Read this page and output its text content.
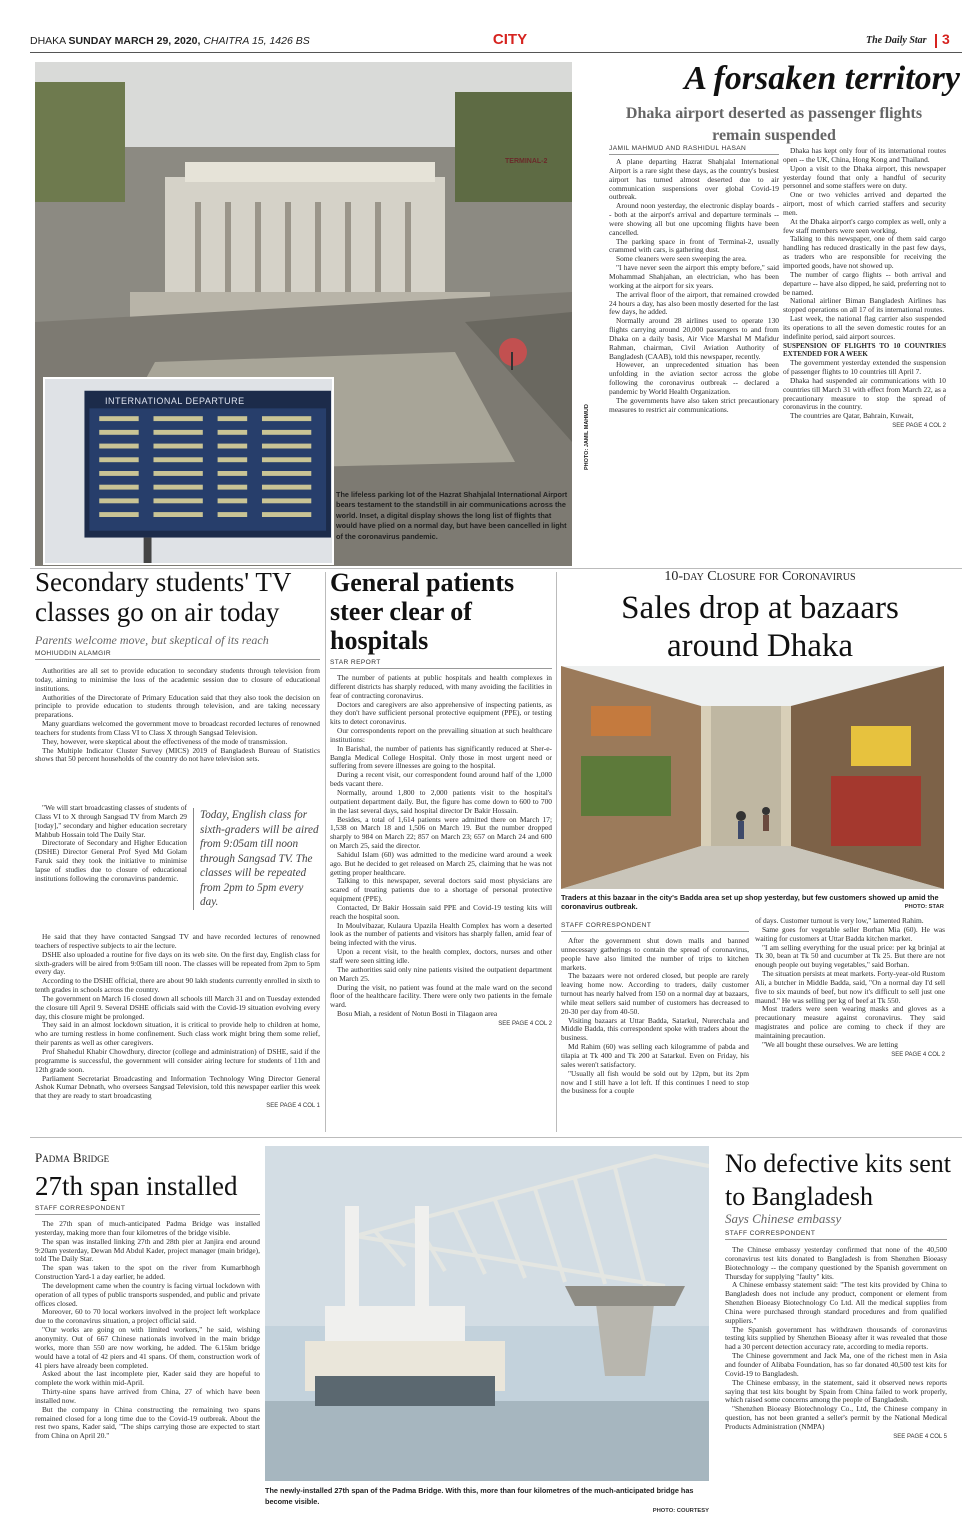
DHAKA SUNDAY MARCH 29, 2020, CHAITRA 15, 1426 BS	CITY	The Daily Star 3
TERMINAL-2
INTERNATIONAL DEPARTURE
PHOTO: JAMIL MAHMUD
The lifeless parking lot of the Hazrat Shahjalal International Airport bears testament to the standstill in air communications across the world. Inset, a digital display shows the long list of flights that would have plied on a normal day, but have been cancelled in light of the coronavirus pandemic.
A forsaken territory
Dhaka airport deserted as passenger flights remain suspended
JAMIL MAHMUD AND RASHIDUL HASAN

A plane departing Hazrat Shahjalal International Airport is a rare sight these days, as the country's busiest airport has turned almost deserted due to air communication suspensions over global Covid-19 outbreak.

Around noon yesterday, the electronic display boards -- both at the airport's arrival and departure terminals -- were showing all but one upcoming flights have been cancelled.

The parking space in front of Terminal-2, usually crammed with cars, is gathering dust.

Some cleaners were seen sweeping the area.

"I have never seen the airport this empty before," said Mohammad Shahjahan, an electrician, who has been working at the airport for six years.

The arrival floor of the airport, that remained crowded 24 hours a day, has also been mostly deserted for the last few days, he added.

Normally around 28 airlines used to operate 130 flights carrying around 20,000 passengers to and from Dhaka on a daily basis, Air Vice Marshal M Mafidur Rahman, chairman, Civil Aviation Authority of Bangladesh (CAAB), told this newspaper, recently.

However, an unprecedented situation has been unfolding in the aviation sector across the globe following the coronavirus outbreak -- declared a pandemic by World Health Organization.

The governments have also taken strict precautionary measures to restrict air communications.

Dhaka has kept only four of its international routes open -- the UK, China, Hong Kong and Thailand.

Upon a visit to the Dhaka airport, this newspaper yesterday found that only a handful of security personnel and some staffers were on duty.

One or two vehicles arrived and departed the airport, most of which carried staffers and security men.

At the Dhaka airport's cargo complex as well, only a few staff members were seen working.

Talking to this newspaper, one of them said cargo handling has reduced drastically in the past few days, as traders who are responsible for receiving the imported goods, have not showed up.

The number of cargo flights -- both arrival and departure -- have also dipped, he said, preferring not to be named.

National airliner Biman Bangladesh Airlines has stopped operations on all 17 of its international routes.

Last week, the national flag carrier also suspended its operations to all the seven domestic routes for an indefinite period, said airport sources.

SUSPENSION OF FLIGHTS TO 10 COUNTRIES EXTENDED FOR A WEEK

The government yesterday extended the suspension of passenger flights to 10 countries till April 7.

Dhaka had suspended air communications with 10 countries till March 31 with effect from March 22, as a precautionary measure to stop the spread of coronavirus in the country.

The countries are Qatar, Bahrain, Kuwait,

SEE PAGE 4 COL 2
Secondary students' TV classes go on air today
Parents welcome move, but skeptical of its reach
MOHIUDDIN ALAMGIR

Authorities are all set to provide education to secondary students through television from today, aiming to minimise the loss of the academic session due to closure of educational institutions.

Authorities of the Directorate of Primary Education said that they also took the decision on principle to provide education to students through television, and are taking necessary preparations.

Many guardians welcomed the government move to broadcast recorded lectures of renowned teachers for students from Class VI to Class X through Sangsad Television.

They, however, were skeptical about the effectiveness of the mode of transmission.

The Multiple Indicator Cluster Survey (MICS) 2019 of Bangladesh Bureau of Statistics shows that 50 percent households of the country do not have television sets.

"We will start broadcasting classes of students of Class VI to X through Sangsad TV from March 29 [today]," secondary and higher education secretary Mahbub Hossain told The Daily Star.

Directorate of Secondary and Higher Education (DSHE) Director General Prof Syed Md Golam Faruk said they took the initiative to minimise lapse of studies due to closure of educational institutions following the coronavirus pandemic.

Today, English class for sixth-graders will be aired from 9:05am till noon through Sangsad TV. The classes will be repeated from 2pm to 5pm every day.

He said that they have contacted Sangsad TV and have recorded lectures of renowned teachers of respective subjects to air the lecture.

DSHE also uploaded a routine for five days on its web site. On the first day, English class for sixth-graders will be aired from 9:05am till noon. The classes will be repeated from 2pm to 5pm every day.

According to the DSHE official, there are about 90 lakh students currently enrolled in sixth to tenth grades in schools across the country.

The government on March 16 closed down all schools till March 31 and on Tuesday extended the closure till April 9. Several DSHE officials said with the Covid-19 situation evolving every day, this closure might be prolonged.

They said in an almost lockdown situation, it is critical to provide help to children at home, who are turning restless in home confinement. Such class work might bring them some relief, their parents as well as other caregivers.

Prof Shahedul Khabir Chowdhury, director (college and administration) of DSHE, said if the programme is successful, the government will consider airing lecture for students of 11th and 12th grade soon.

Parliament Secretariat Broadcasting and Information Technology Wing Director General Ashok Kumar Debnath, who oversees Sangsad Television, told this newspaper earlier this week that they are ready to start broadcasting

SEE PAGE 4 COL 1
General patients steer clear of hospitals
STAR REPORT

The number of patients at public hospitals and health complexes in different districts has sharply reduced, with many avoiding the facilities in fear of contracting coronavirus.

Doctors and caregivers are also apprehensive of inspecting patients, as they don't have sufficient personal protective equipment (PPE), or testing kits to detect coronavirus.

Our correspondents report on the prevailing situation at such healthcare institutions:

In Barishal, the number of patients has significantly reduced at Sher-e-Bangla Medical College Hospital. Only those in most urgent need or suffering from severe illnesses are going to the hospital.

During a recent visit, our correspondent found around half of the 1,000 beds vacant there.

Normally, around 1,800 to 2,000 patients visit to the hospital's outpatient department daily. But, the figure has come down to 600 to 700 in the last several days, said hospital director Dr Bakir Hossain.

Besides, a total of 1,614 patients were admitted there on March 17; 1,538 on March 18 and 1,506 on March 19. But the number dropped sharply to 984 on March 22; 857 on March 23; 657 on March 24 and 600 on March 25, said the director.

Sahidul Islam (60) was admitted to the medicine ward around a week ago. But he decided to get released on March 25, claiming that he was not getting proper healthcare.

Talking to this newspaper, several doctors said most physicians are scared of treating patients due to a shortage of personal protective equipment (PPE).

Contacted, Dr Bakir Hossain said PPE and Covid-19 testing kits will reach the hospital soon.

In Moulvibazar, Kulaura Upazila Health Complex has worn a deserted look as the number of patients and visitors has sharply fallen, amid fear of being infected with the virus.

Upon a recent visit, to the health complex, doctors, nurses and other staff were seen sitting idle.

The authorities said only nine patients visited the outpatient department on March 25.

During the visit, no patient was found at the male ward on the second floor of the healthcare facility. There were only two patients in the female ward.

Bosu Miah, a resident of Notun Bosti in Tilagaon area

SEE PAGE 4 COL 2
10-day Closure for Coronavirus
Sales drop at bazaars around Dhaka
Traders at this bazaar in the city's Badda area set up shop yesterday, but few customers showed up amid the coronavirus outbreak.	PHOTO: STAR
STAFF CORRESPONDENT

After the government shut down malls and banned unnecessary gatherings to contain the spread of coronavirus, people have also limited the number of trips to kitchen markets.

The bazaars were not ordered closed, but people are rarely leaving home now. According to traders, daily customer turnout has nearly halved from 150 on a normal day at bazaars, while meat sellers said number of customers has decreased to 20-30 per day from 40-50.

Visiting bazaars at Uttar Badda, Satarkul, Nurerchala and Middle Badda, this correspondent spoke with traders about the business.

Md Rahim (60) was selling each kilogramme of pabda and tilapia at Tk 400 and Tk 200 at Satarkul. Even on Friday, his sales weren't satisfactory.

"Usually all fish would be sold out by 12pm, but its 2pm now and I still have a lot left. If this continues I need to stop the business for a couple

of days. Customer turnout is very low," lamented Rahim.

Same goes for vegetable seller Borhan Mia (60). He was waiting for customers at Uttar Badda kitchen market.

"I am selling everything for the usual price: per kg brinjal at Tk 30, bean at Tk 50 and cucumber at Tk 25. But there are not enough people out buying vegetables," said Borhan.

The situation persists at meat markets. Forty-year-old Rustom Ali, a butcher in Middle Badda, said, "On a normal day I'd sell five to six maunds of beef, but now it's difficult to sell just one maund." He was selling per kg of beef at Tk 550.

Most traders were seen wearing masks and gloves as a precautionary measure against coronavirus. They said magistrates and police are coming to check if they are maintaining precaution.

"We all bought these ourselves. We are letting

SEE PAGE 4 COL 2
Padma Bridge
27th span installed
STAFF CORRESPONDENT

The 27th span of much-anticipated Padma Bridge was installed yesterday, making more than four kilometres of the bridge visible.

The span was installed linking 27th and 28th pier at Janjira end around 9:20am yesterday, Dewan Md Abdul Kader, project manager (main bridge), told The Daily Star.

The span was taken to the spot on the river from Kumarbhogh Construction Yard-1 a day earlier, he added.

The development came when the country is facing virtual lockdown with operation of all types of public transports suspended, and public and private offices closed.

Moreover, 60 to 70 local workers involved in the project left workplace due to the coronavirus situation, a project official said.

"Our works are going on with limited workers," he said, wishing anonymity. Out of 667 Chinese nationals involved in the main bridge works, more than 550 are now working, he added. The 6.15km bridge would have a total of 42 piers and 41 spans. Of them, construction work of 41 piers have already been completed.

Asked about the last incomplete pier, Kader said they are hopeful to complete the work within mid-April.

Thirty-nine spans have arrived from China, 27 of which have been installed now.

But the company in China constructing the remaining two spans remained closed for a long time due to the Covid-19 outbreak. About the rest two spans, Kader said, "The ships carrying those are expected to start from China on April 20."

The newly-installed 27th span of the Padma Bridge. With this, more than four kilometres of the much-anticipated bridge has become visible.
PHOTO: COURTESY
No defective kits sent to Bangladesh
Says Chinese embassy
STAFF CORRESPONDENT

The Chinese embassy yesterday confirmed that none of the 40,500 coronavirus test kits donated to Bangladesh is from Shenzhen Bioeasy Biotechnology -- the company questioned by the Spanish government on Thursday for supplying "faulty" kits.

A Chinese embassy statement said: "The test kits provided by China to Bangladesh does not include any product, component or element from Shenzhen Bioeasy Biotechnology Co Ltd. All the medical supplies from China were purchased through standard procedures and from qualified suppliers."

The Spanish government has withdrawn thousands of coronavirus testing kits supplied by Shenzhen Bioeasy after it was revealed that those had a 30 percent detection accuracy rate, according to media reports.

The Chinese government and Jack Ma, one of the richest men in Asia and founder of Alibaba Foundation, has so far donated 40,500 test kits for Covid-19 to Bangladesh.

The Chinese embassy, in the statement, said it observed news reports saying that test kits bought by Spain from China failed to work properly, which raised some concerns among the people of Bangladesh.

"Shenzhen Bioeasy Biotechnology Co., Ltd, the Chinese company in question, has not been granted a seller's permit by the National Medical Products Administration (NMPA)

SEE PAGE 4 COL 5
